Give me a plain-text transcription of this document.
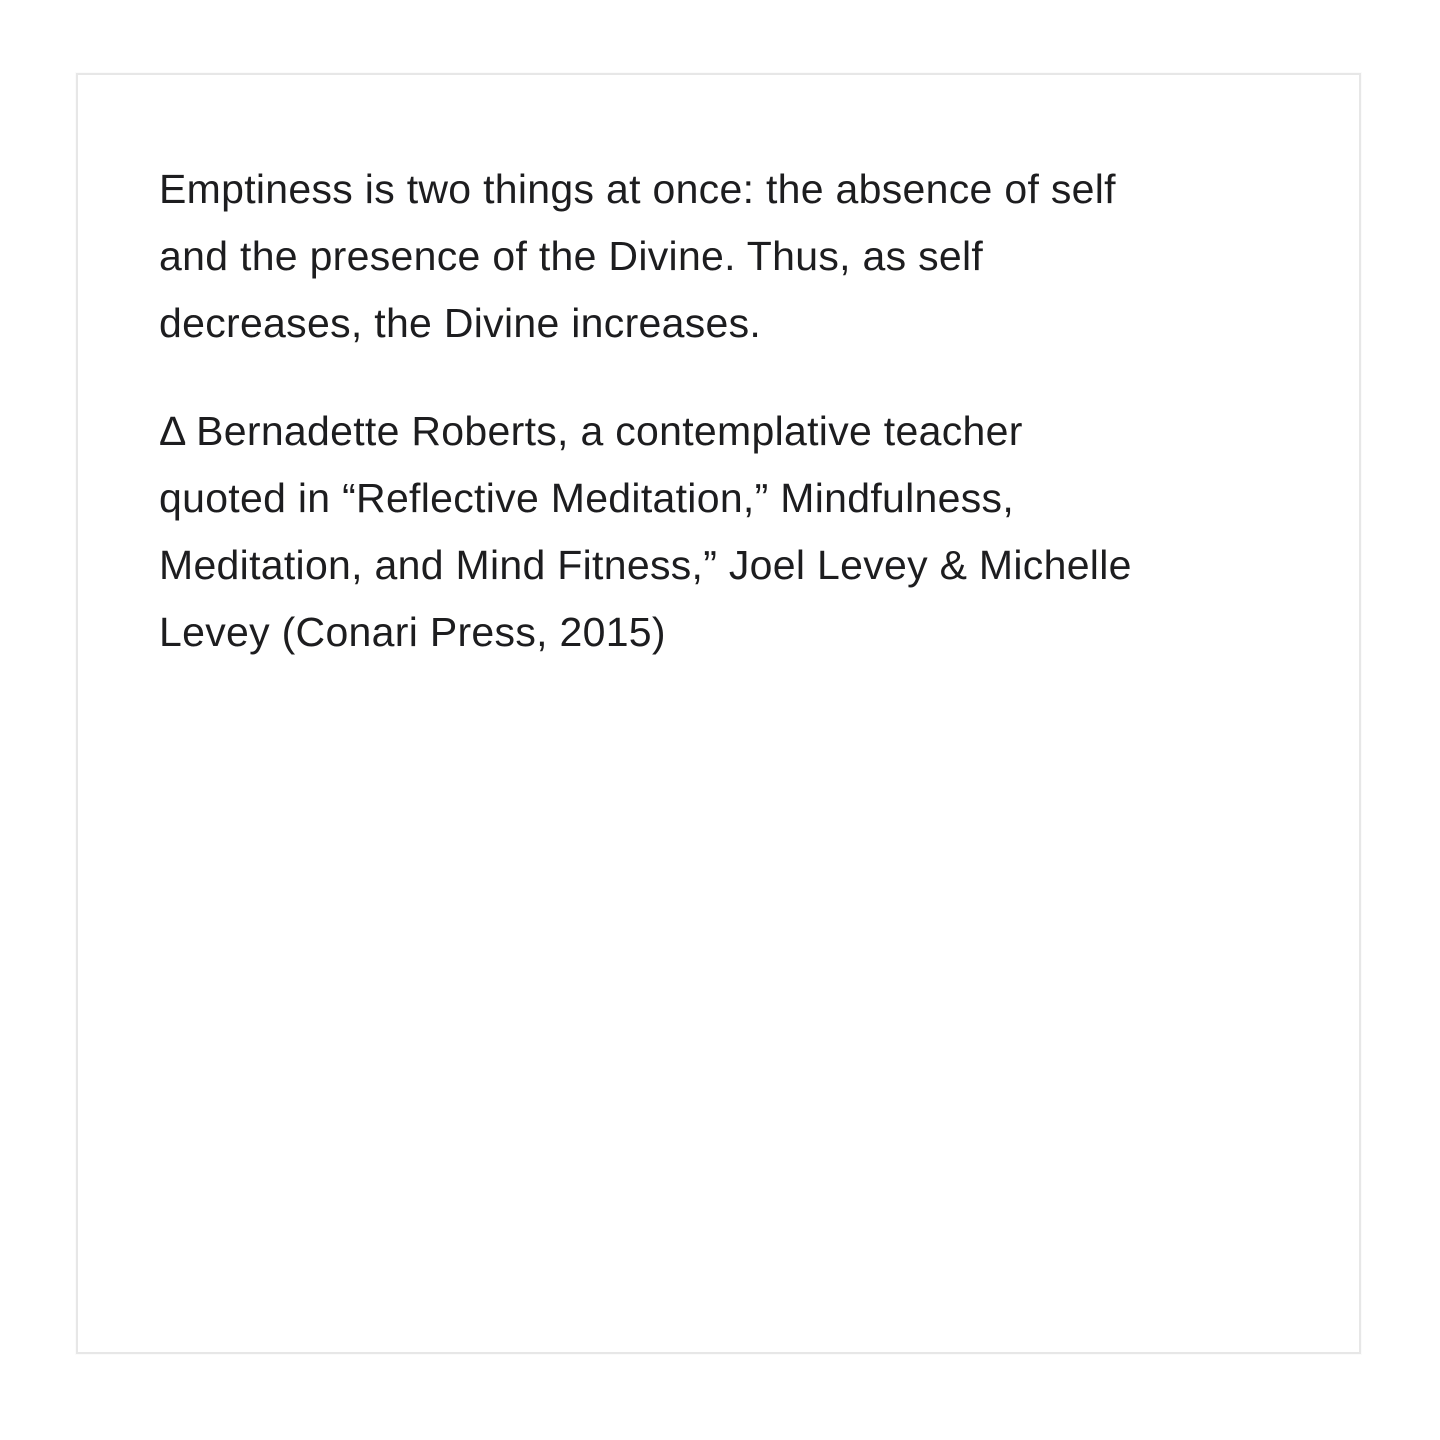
Emptiness is two things at once: the absence of self
and the presence of the Divine. Thus, as self
decreases, the Divine increases.

Δ Bernadette Roberts, a contemplative teacher
quoted in “Reflective Meditation,” Mindfulness,
Meditation, and Mind Fitness,” Joel Levey & Michelle
Levey (Conari Press, 2015)
